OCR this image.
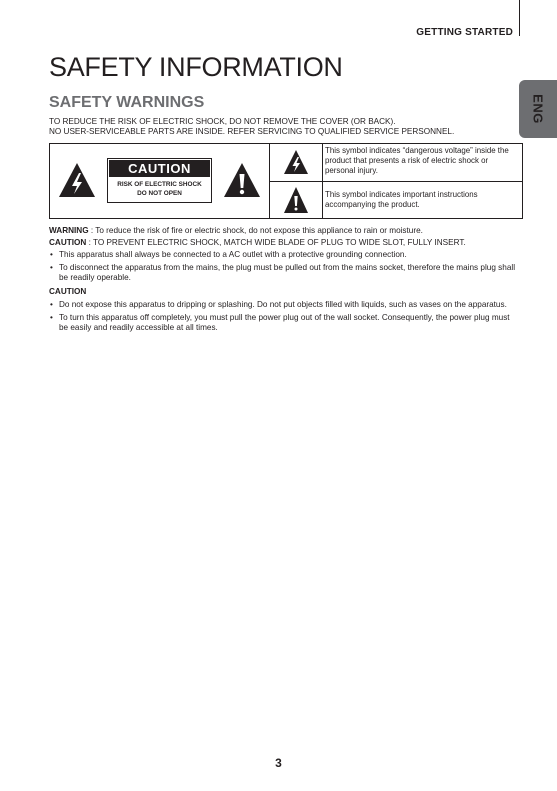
GETTING STARTED
ENG
SAFETY INFORMATION
SAFETY WARNINGS

TO REDUCE THE RISK OF ELECTRIC SHOCK, DO NOT REMOVE THE COVER (OR BACK).

NO USER-SERVICEABLE PARTS ARE INSIDE. REFER SERVICING TO QUALIFIED SERVICE PERSONNEL.

CAUTION
RISK OF ELECTRIC SHOCK
DO NOT OPEN
This symbol indicates “dangerous voltage” inside the product that presents a risk of electric shock or personal injury.
This symbol indicates important instructions accompanying the product.

WARNING : To reduce the risk of fire or electric shock, do not expose this appliance to rain or moisture.

CAUTION : TO PREVENT ELECTRIC SHOCK, MATCH WIDE BLADE OF PLUG TO WIDE SLOT, FULLY INSERT.

• This apparatus shall always be connected to a AC outlet with a protective grounding connection.
• To disconnect the apparatus from the mains, the plug must be pulled out from the mains socket, therefore the mains plug shall be readily operable.
CAUTION
• Do not expose this apparatus to dripping or splashing. Do not put objects filled with liquids, such as vases on the apparatus.
• To turn this apparatus off completely, you must pull the power plug out of the wall socket. Consequently, the power plug must be easily and readily accessible at all times.
3
